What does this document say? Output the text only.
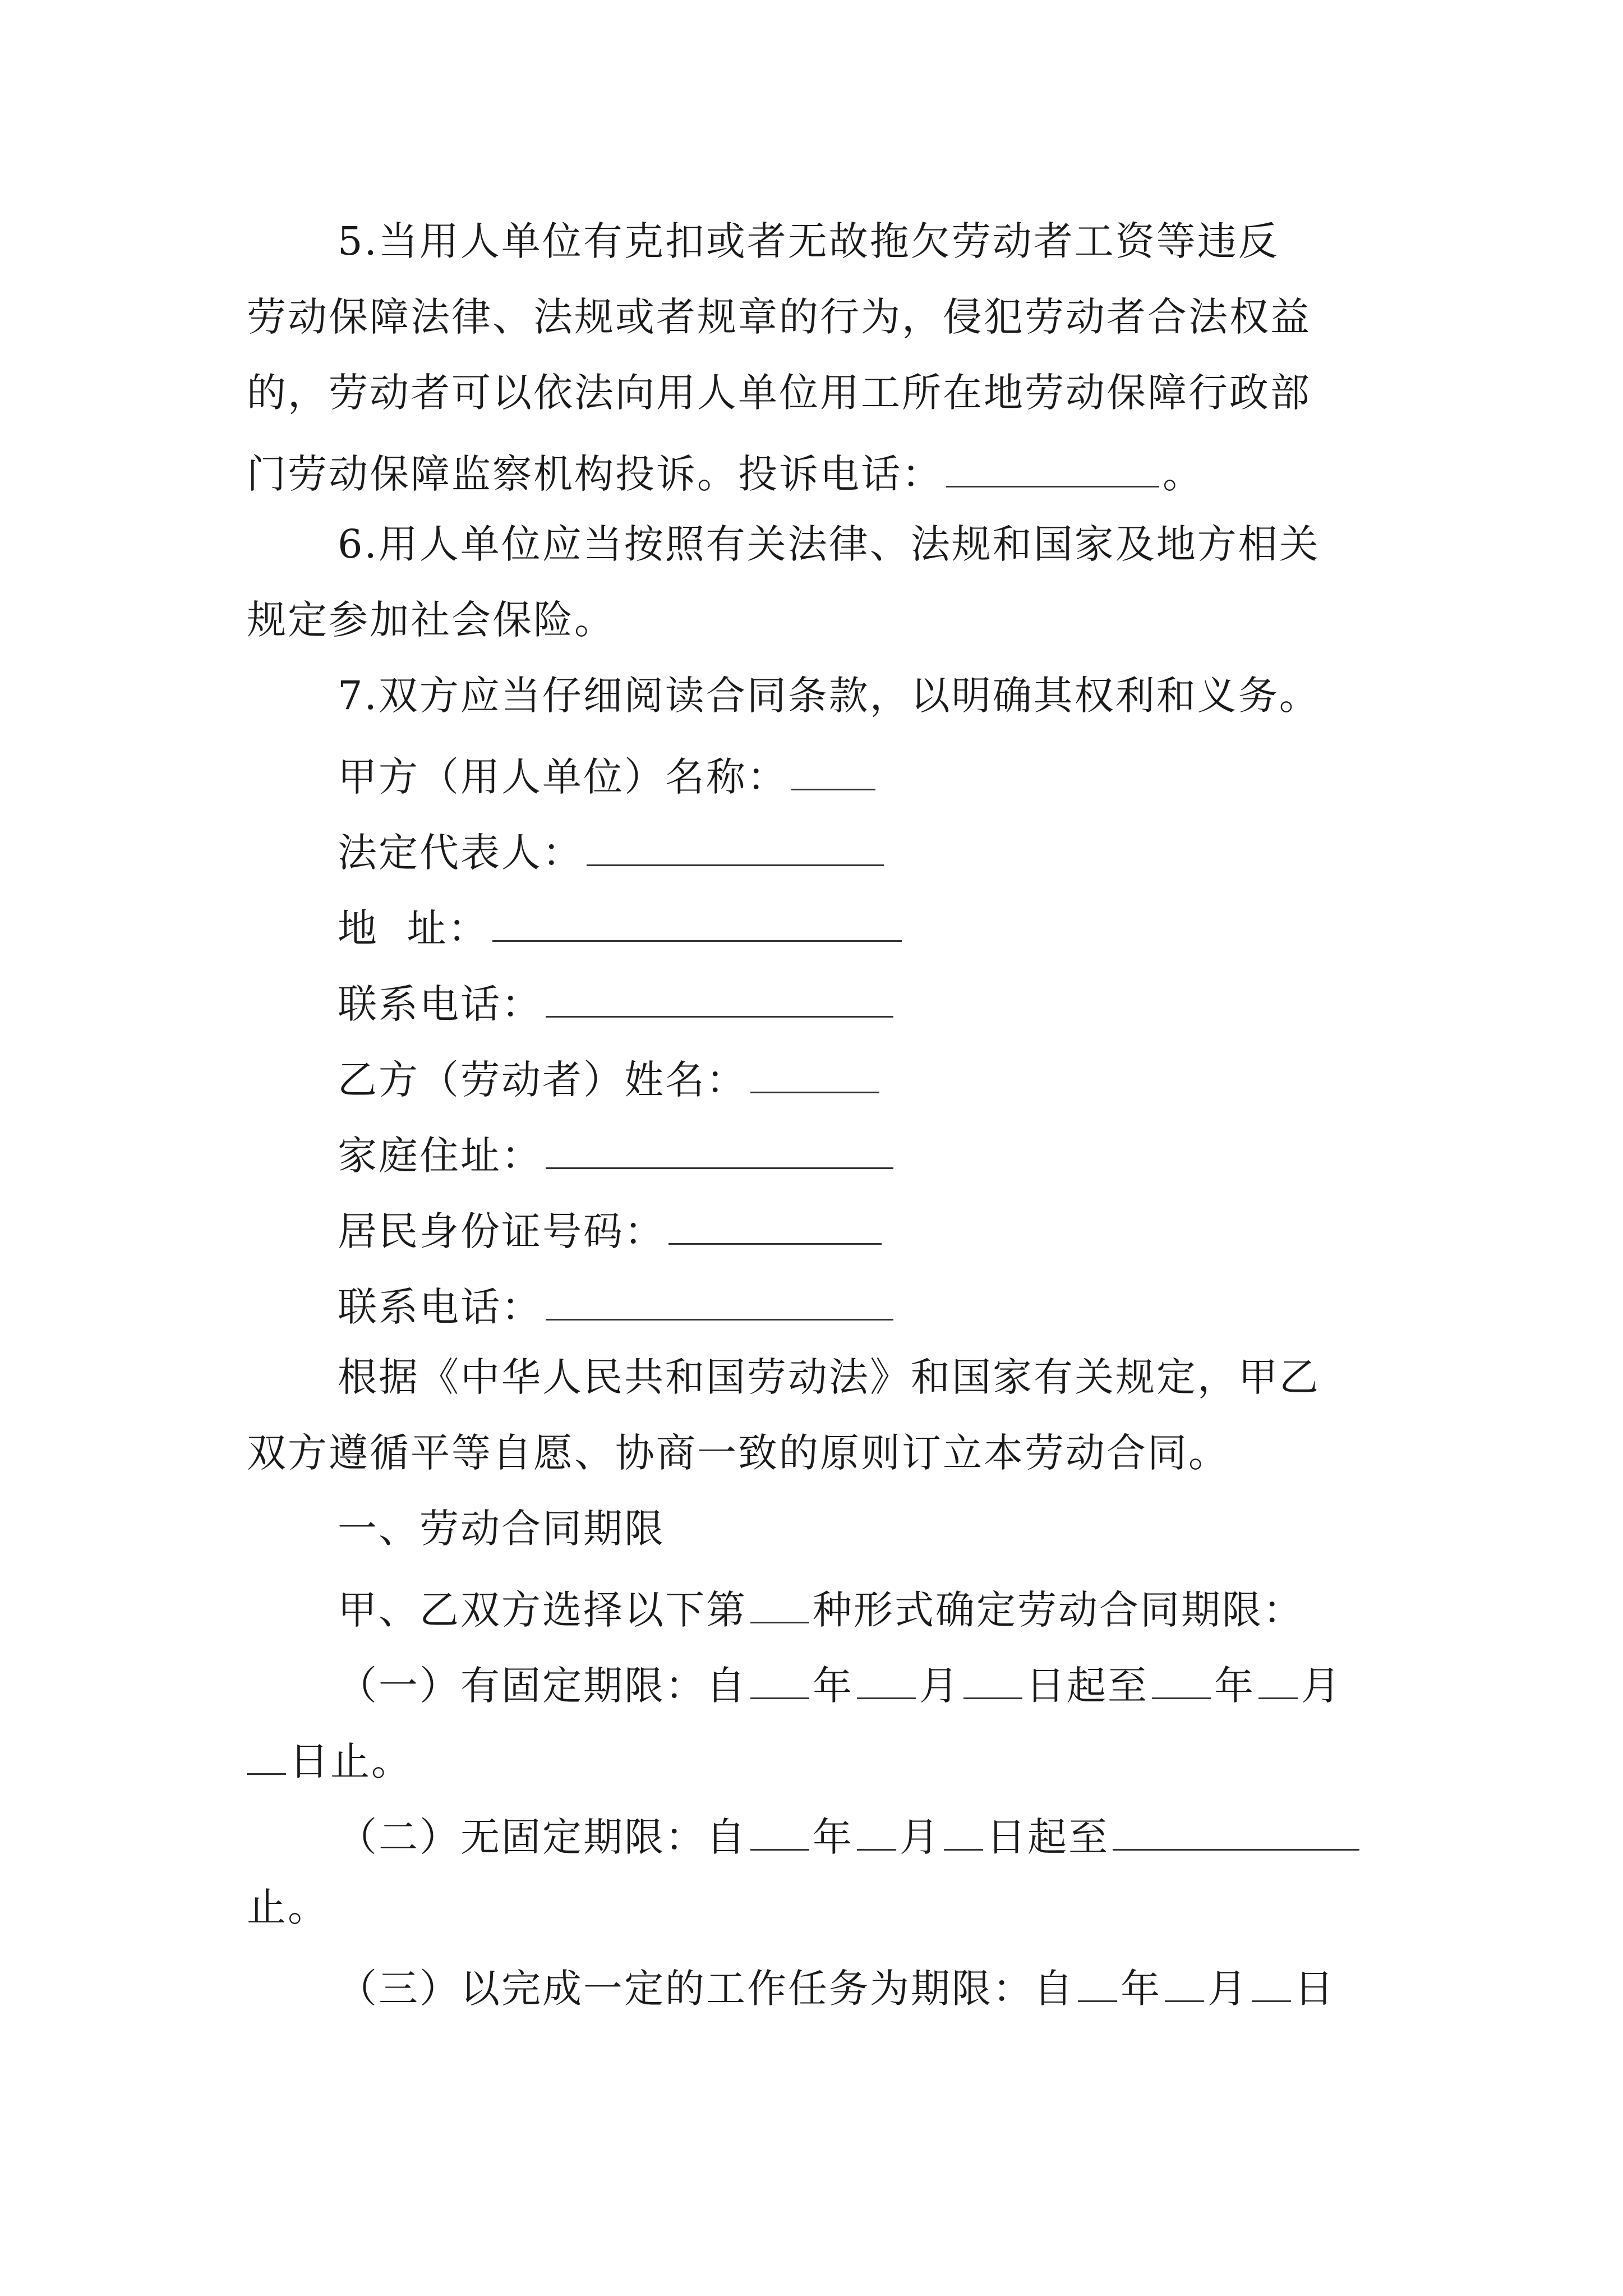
5.当用人单位有克扣或者无故拖欠劳动者工资等违反
劳动保障法律、法规或者规章的行为，侵犯劳动者合法权益
的，劳动者可以依法向用人单位用工所在地劳动保障行政部
门劳动保障监察机构投诉。投诉电话：	。
6.用人单位应当按照有关法律、法规和国家及地方相关
规定参加社会保险。
7.双方应当仔细阅读合同条款，以明确其权利和义务。
甲方（用人单位）名称：
法定代表人：
地  址：
联系电话：
乙方（劳动者）姓名：
家庭住址：
居民身份证号码：
联系电话：
根据《中华人民共和国劳动法》和国家有关规定，甲乙
双方遵循平等自愿、协商一致的原则订立本劳动合同。
一、劳动合同期限
甲、乙双方选择以下第 种形式确定劳动合同期限：
（一）有固定期限：自 年 月 日起至 年 月
日止。
（二）无固定期限：自 年 月 日起至
止。
（三）以完成一定的工作任务为期限：自 年 月 日
